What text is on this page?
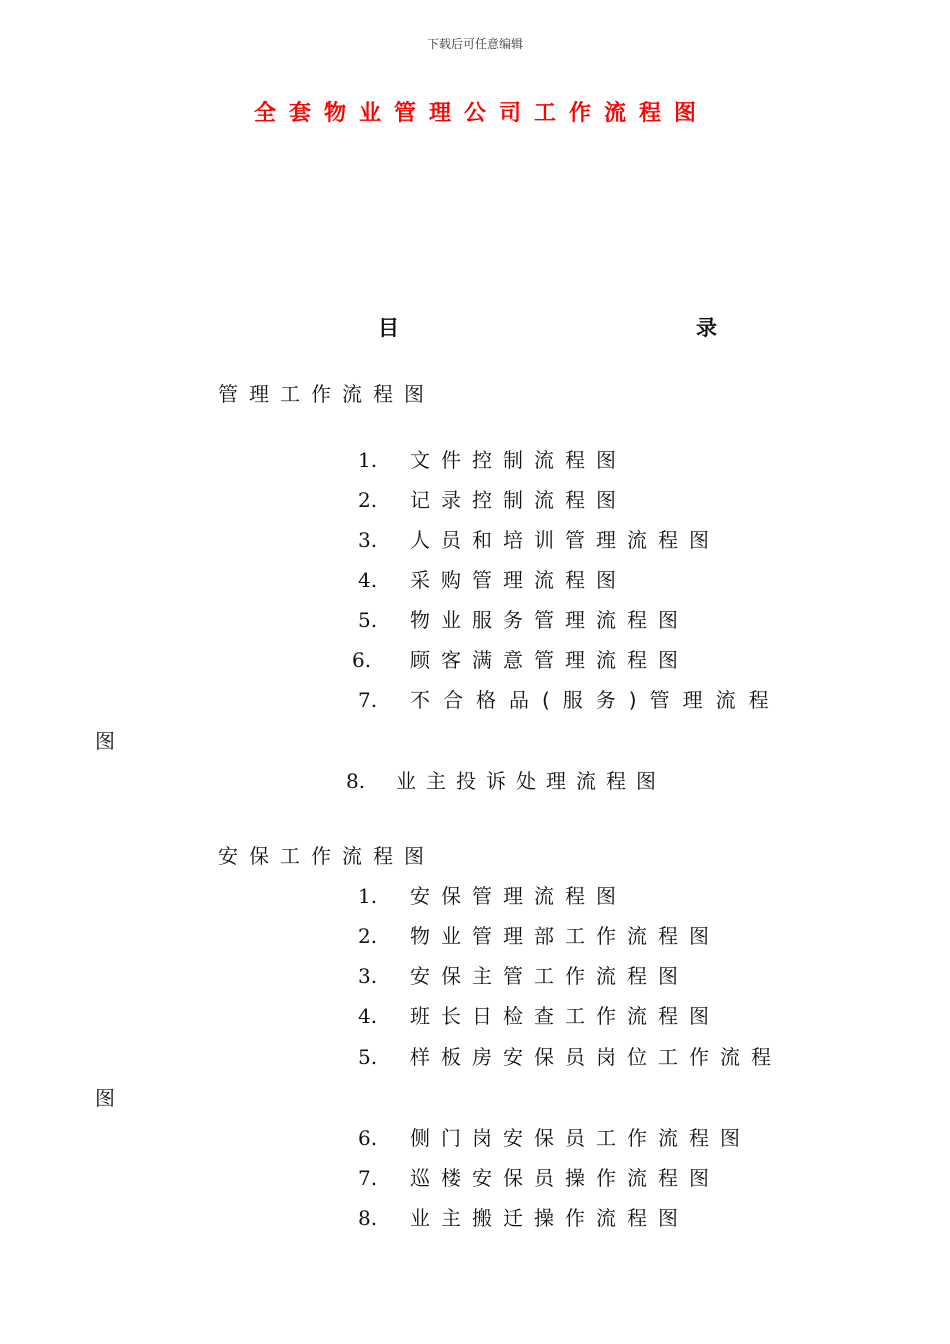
下载后可任意编辑
全套物业管理公司工作流程图
目	录
管理工作流程图
1. 文件控制流程图
2. 记录控制流程图
3. 人员和培训管理流程图
4. 采购管理流程图
5. 物业服务管理流程图
6. 顾客满意管理流程图
7. 不合格品(服务)管理流程
图
8. 业主投诉处理流程图
安保工作流程图
1. 安保管理流程图
2. 物业管理部工作流程图
3. 安保主管工作流程图
4. 班长日检查工作流程图
5. 样板房安保员岗位工作流程
图
6. 侧门岗安保员工作流程图
7. 巡楼安保员操作流程图
8. 业主搬迁操作流程图
